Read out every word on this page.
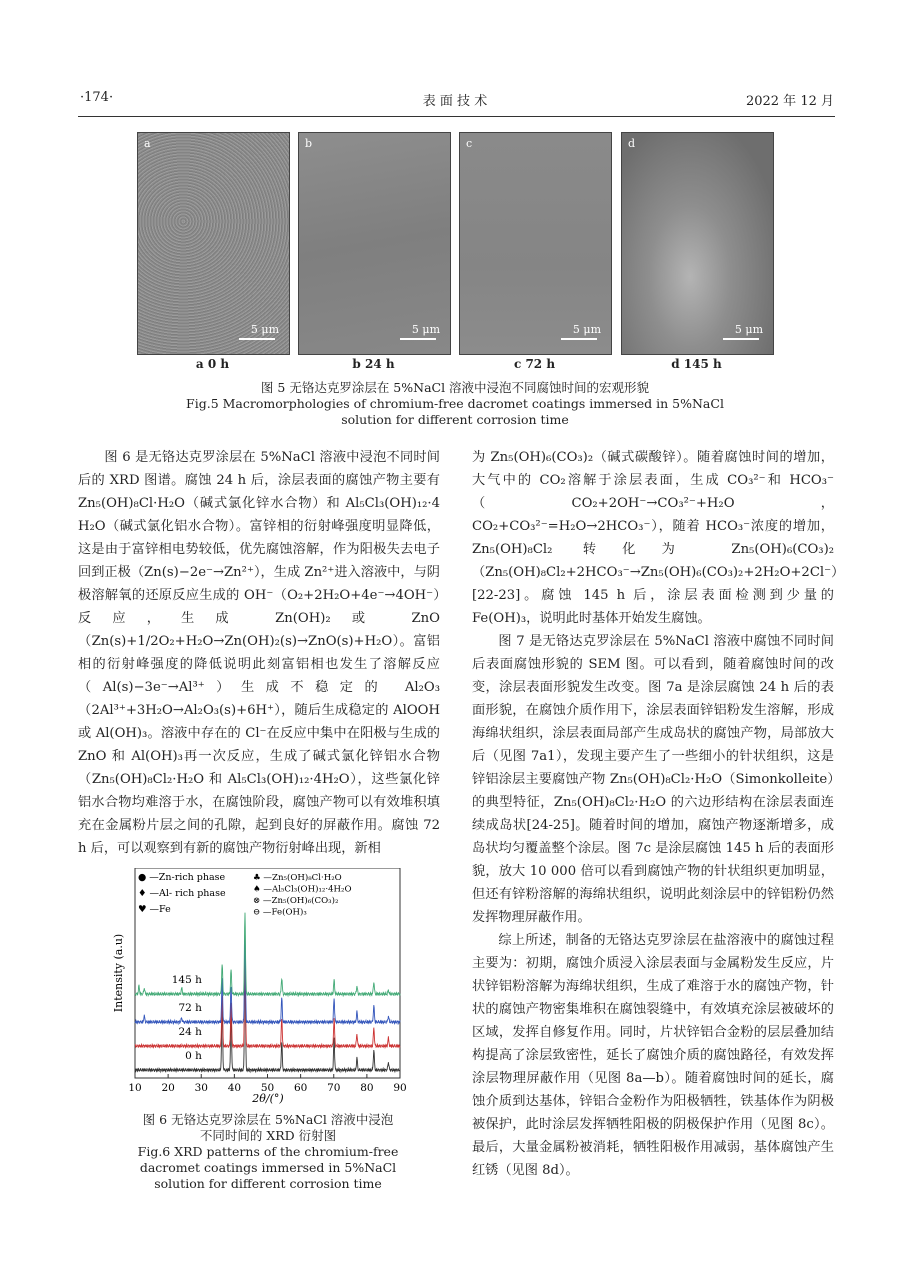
·174·	表 面 技 术	2022 年 12 月
a
5 μm
b
5 μm
c
5 μm
d
5 μm
a 0 h	b 24 h	c 72 h	d 145 h
图 5 无铬达克罗涂层在 5%NaCl 溶液中浸泡不同腐蚀时间的宏观形貌
Fig.5 Macromorphologies of chromium-free dacromet coatings immersed in 5%NaCl
solution for different corrosion time

图 6 是无铬达克罗涂层在 5%NaCl 溶液中浸泡不同时间后的 XRD 图谱。腐蚀 24 h 后，涂层表面的腐蚀产物主要有 Zn₅(OH)₈Cl·H₂O（碱式氯化锌水合物）和 Al₅Cl₃(OH)₁₂·4 H₂O（碱式氯化铝水合物）。富锌相的衍射峰强度明显降低，这是由于富锌相电势较低，优先腐蚀溶解，作为阳极失去电子回到正极（Zn(s)−2e⁻→Zn²⁺），生成 Zn²⁺进入溶液中，与阴极溶解氧的还原反应生成的 OH⁻（O₂+2H₂O+4e⁻→4OH⁻）反应，生成 Zn(OH)₂或 ZnO（Zn(s)+1/2O₂+H₂O→Zn(OH)₂(s)→ZnO(s)+H₂O）。富铝相的衍射峰强度的降低说明此刻富铝相也发生了溶解反应（Al(s)−3e⁻→Al³⁺）生成不稳定的 Al₂O₃（2Al³⁺+3H₂O→Al₂O₃(s)+6H⁺），随后生成稳定的 AlOOH 或 Al(OH)₃。溶液中存在的 Cl⁻在反应中集中在阳极与生成的 ZnO 和 Al(OH)₃再一次反应，生成了碱式氯化锌铝水合物（Zn₅(OH)₈Cl₂·H₂O 和 Al₅Cl₃(OH)₁₂·4H₂O），这些氯化锌铝水合物均难溶于水，在腐蚀阶段，腐蚀产物可以有效堆积填充在金属粉片层之间的孔隙，起到良好的屏蔽作用。腐蚀 72 h 后，可以观察到有新的腐蚀产物衍射峰出现，新相

10 20 30 40 50 60 70 80 90
0 h
24 h
72 h
145 h
● —Zn-rich phase
♦ —Al- rich phase
♥ —Fe
♣ —Zn₅(OH)₈Cl·H₂O
♠ —Al₅Cl₃(OH)₁₂·4H₂O
⊗ —Zn₅(OH)₆(CO₃)₂
⊖ —Fe(OH)₃
Intensity (a.u)
2θ/(°)
图 6 无铬达克罗涂层在 5%NaCl 溶液中浸泡
不同时间的 XRD 衍射图
Fig.6 XRD patterns of the chromium-free
dacromet coatings immersed in 5%NaCl
solution for different corrosion time

为 Zn₅(OH)₆(CO₃)₂（碱式碳酸锌）。随着腐蚀时间的增加，大气中的 CO₂溶解于涂层表面，生成 CO₃²⁻和 HCO₃⁻（CO₂+2OH⁻→CO₃²⁻+H₂O，CO₂+CO₃²⁻=H₂O→2HCO₃⁻），随着 HCO₃⁻浓度的增加，Zn₅(OH)₈Cl₂ 转化为 Zn₅(OH)₆(CO₃)₂（Zn₅(OH)₈Cl₂+2HCO₃⁻→Zn₅(OH)₆(CO₃)₂+2H₂O+2Cl⁻）[22-23]。腐蚀 145 h 后，涂层表面检测到少量的 Fe(OH)₃，说明此时基体开始发生腐蚀。

图 7 是无铬达克罗涂层在 5%NaCl 溶液中腐蚀不同时间后表面腐蚀形貌的 SEM 图。可以看到，随着腐蚀时间的改变，涂层表面形貌发生改变。图 7a 是涂层腐蚀 24 h 后的表面形貌，在腐蚀介质作用下，涂层表面锌铝粉发生溶解，形成海绵状组织，涂层表面局部产生成岛状的腐蚀产物，局部放大后（见图 7a1），发现主要产生了一些细小的针状组织，这是锌铝涂层主要腐蚀产物 Zn₅(OH)₈Cl₂·H₂O（Simonkolleite）的典型特征，Zn₅(OH)₈Cl₂·H₂O 的六边形结构在涂层表面连续成岛状[24-25]。随着时间的增加，腐蚀产物逐渐增多，成岛状均匀覆盖整个涂层。图 7c 是涂层腐蚀 145 h 后的表面形貌，放大 10 000 倍可以看到腐蚀产物的针状组织更加明显，但还有锌粉溶解的海绵状组织，说明此刻涂层中的锌铝粉仍然发挥物理屏蔽作用。

综上所述，制备的无铬达克罗涂层在盐溶液中的腐蚀过程主要为：初期，腐蚀介质浸入涂层表面与金属粉发生反应，片状锌铝粉溶解为海绵状组织，生成了难溶于水的腐蚀产物，针状的腐蚀产物密集堆积在腐蚀裂缝中，有效填充涂层被破坏的区域，发挥自修复作用。同时，片状锌铝合金粉的层层叠加结构提高了涂层致密性，延长了腐蚀介质的腐蚀路径，有效发挥涂层物理屏蔽作用（见图 8a—b）。随着腐蚀时间的延长，腐蚀介质到达基体，锌铝合金粉作为阳极牺牲，铁基体作为阴极被保护，此时涂层发挥牺牲阳极的阴极保护作用（见图 8c）。最后，大量金属粉被消耗，牺牲阳极作用减弱，基体腐蚀产生红锈（见图 8d）。
